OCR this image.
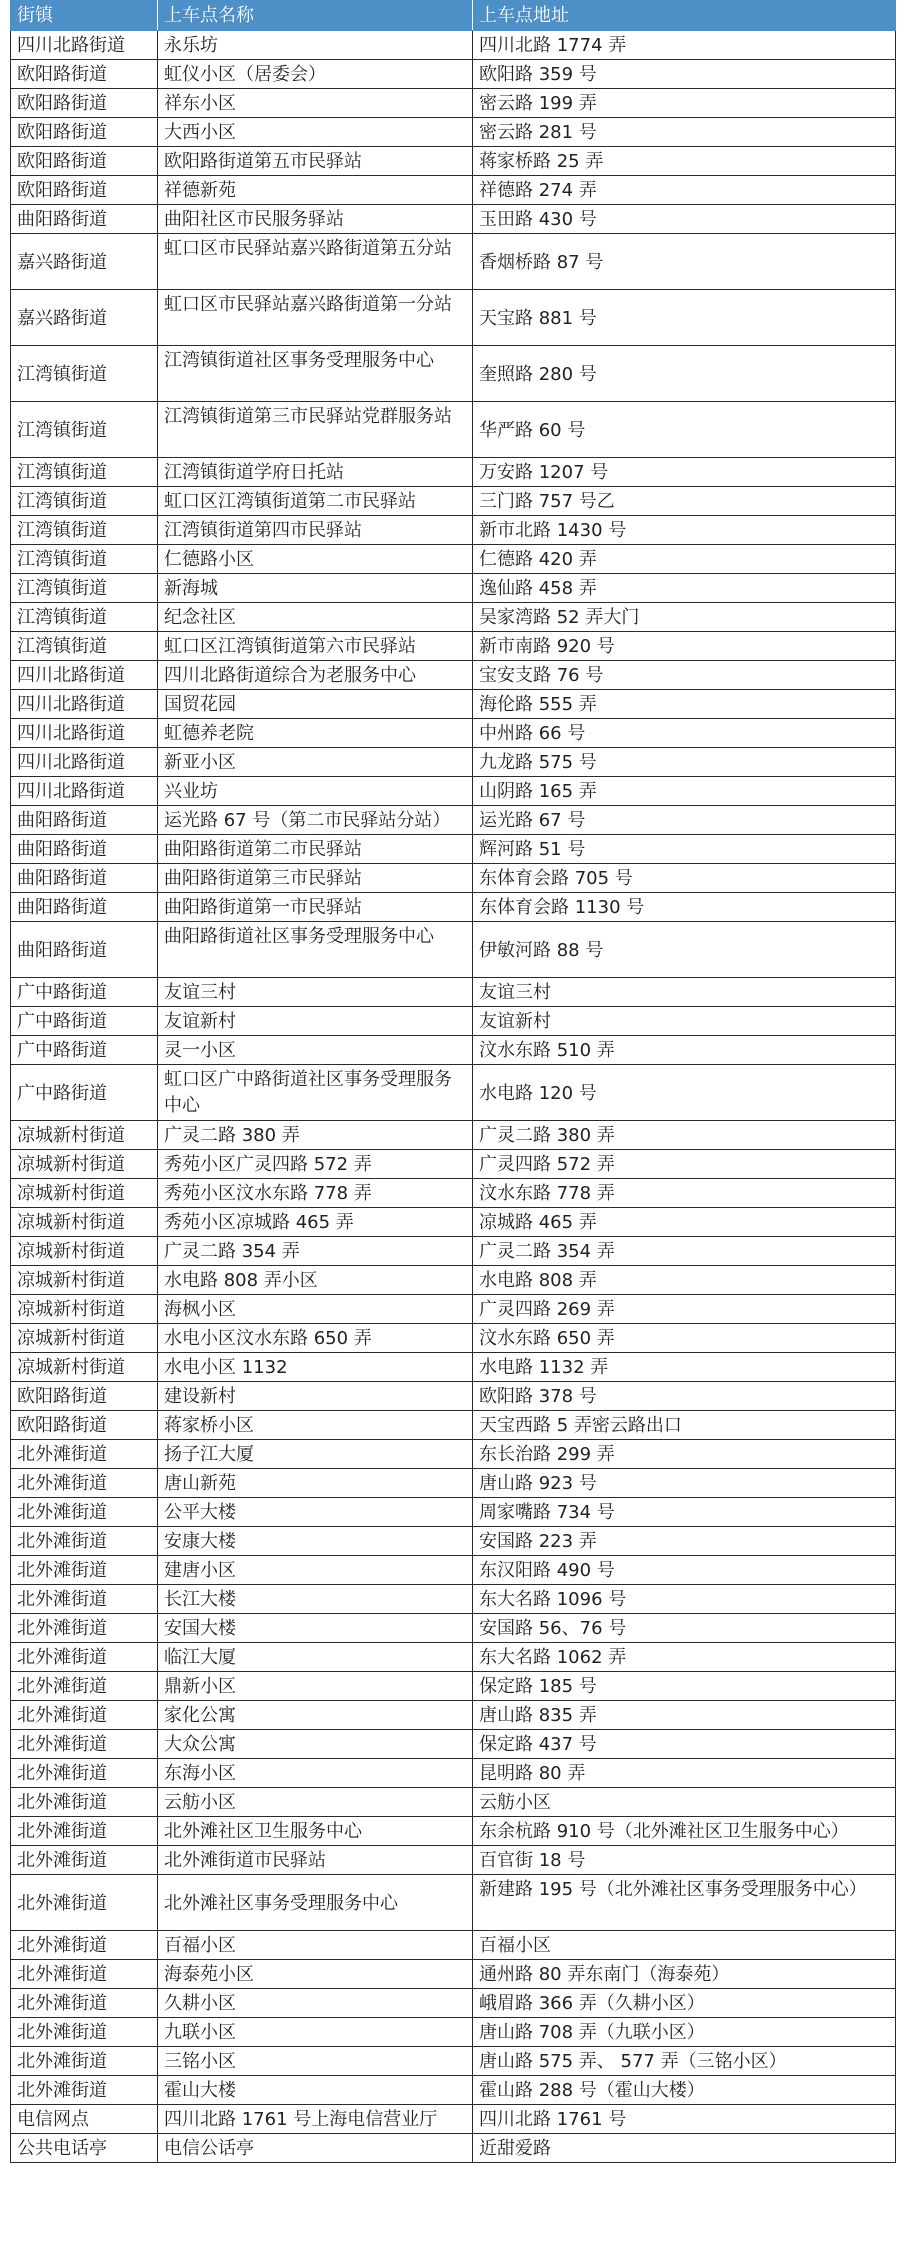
街镇	上车点名称	上车点地址
四川北路街道	永乐坊	四川北路 1774 弄
欧阳路街道	虹仪小区（居委会）	欧阳路 359 号
欧阳路街道	祥东小区	密云路 199 弄
欧阳路街道	大西小区	密云路 281 号
欧阳路街道	欧阳路街道第五市民驿站	蒋家桥路 25 弄
欧阳路街道	祥德新苑	祥德路 274 弄
曲阳路街道	曲阳社区市民服务驿站	玉田路 430 号
嘉兴路街道	虹口区市民驿站嘉兴路街道第五分站	香烟桥路 87 号
嘉兴路街道	虹口区市民驿站嘉兴路街道第一分站	天宝路 881 号
江湾镇街道	江湾镇街道社区事务受理服务中心	奎照路 280 号
江湾镇街道	江湾镇街道第三市民驿站党群服务站	华严路 60 号
江湾镇街道	江湾镇街道学府日托站	万安路 1207 号
江湾镇街道	虹口区江湾镇街道第二市民驿站	三门路 757 号乙
江湾镇街道	江湾镇街道第四市民驿站	新市北路 1430 号
江湾镇街道	仁德路小区	仁德路 420 弄
江湾镇街道	新海城	逸仙路 458 弄
江湾镇街道	纪念社区	吴家湾路 52 弄大门
江湾镇街道	虹口区江湾镇街道第六市民驿站	新市南路 920 号
四川北路街道	四川北路街道综合为老服务中心	宝安支路 76 号
四川北路街道	国贸花园	海伦路 555 弄
四川北路街道	虹德养老院	中州路 66 号
四川北路街道	新亚小区	九龙路 575 号
四川北路街道	兴业坊	山阴路 165 弄
曲阳路街道	运光路 67 号（第二市民驿站分站）	运光路 67 号
曲阳路街道	曲阳路街道第二市民驿站	辉河路 51 号
曲阳路街道	曲阳路街道第三市民驿站	东体育会路 705 号
曲阳路街道	曲阳路街道第一市民驿站	东体育会路 1130 号
曲阳路街道	曲阳路街道社区事务受理服务中心	伊敏河路 88 号
广中路街道	友谊三村	友谊三村
广中路街道	友谊新村	友谊新村
广中路街道	灵一小区	汶水东路 510 弄
广中路街道	虹口区广中路街道社区事务受理服务中心	水电路 120 号
凉城新村街道	广灵二路 380 弄	广灵二路 380 弄
凉城新村街道	秀苑小区广灵四路 572 弄	广灵四路 572 弄
凉城新村街道	秀苑小区汶水东路 778 弄	汶水东路 778 弄
凉城新村街道	秀苑小区凉城路 465 弄	凉城路 465 弄
凉城新村街道	广灵二路 354 弄	广灵二路 354 弄
凉城新村街道	水电路 808 弄小区	水电路 808 弄
凉城新村街道	海枫小区	广灵四路 269 弄
凉城新村街道	水电小区汶水东路 650 弄	汶水东路 650 弄
凉城新村街道	水电小区 1132	水电路 1132 弄
欧阳路街道	建设新村	欧阳路 378 号
欧阳路街道	蒋家桥小区	天宝西路 5 弄密云路出口
北外滩街道	扬子江大厦	东长治路 299 弄
北外滩街道	唐山新苑	唐山路 923 号
北外滩街道	公平大楼	周家嘴路 734 号
北外滩街道	安康大楼	安国路 223 弄
北外滩街道	建唐小区	东汉阳路 490 号
北外滩街道	长江大楼	东大名路 1096 号
北外滩街道	安国大楼	安国路 56、76 号
北外滩街道	临江大厦	东大名路 1062 弄
北外滩街道	鼎新小区	保定路 185 号
北外滩街道	家化公寓	唐山路 835 弄
北外滩街道	大众公寓	保定路 437 号
北外滩街道	东海小区	昆明路 80 弄
北外滩街道	云舫小区	云舫小区
北外滩街道	北外滩社区卫生服务中心	东余杭路 910 号（北外滩社区卫生服务中心）
北外滩街道	北外滩街道市民驿站	百官街 18 号
北外滩街道	北外滩社区事务受理服务中心	新建路 195 号（北外滩社区事务受理服务中心）
北外滩街道	百福小区	百福小区
北外滩街道	海泰苑小区	通州路 80 弄东南门（海泰苑）
北外滩街道	久耕小区	峨眉路 366 弄（久耕小区）
北外滩街道	九联小区	唐山路 708 弄（九联小区）
北外滩街道	三铭小区	唐山路 575 弄、 577 弄（三铭小区）
北外滩街道	霍山大楼	霍山路 288 号（霍山大楼）
电信网点	四川北路 1761 号上海电信营业厅	四川北路 1761 号
公共电话亭	电信公话亭	近甜爱路
